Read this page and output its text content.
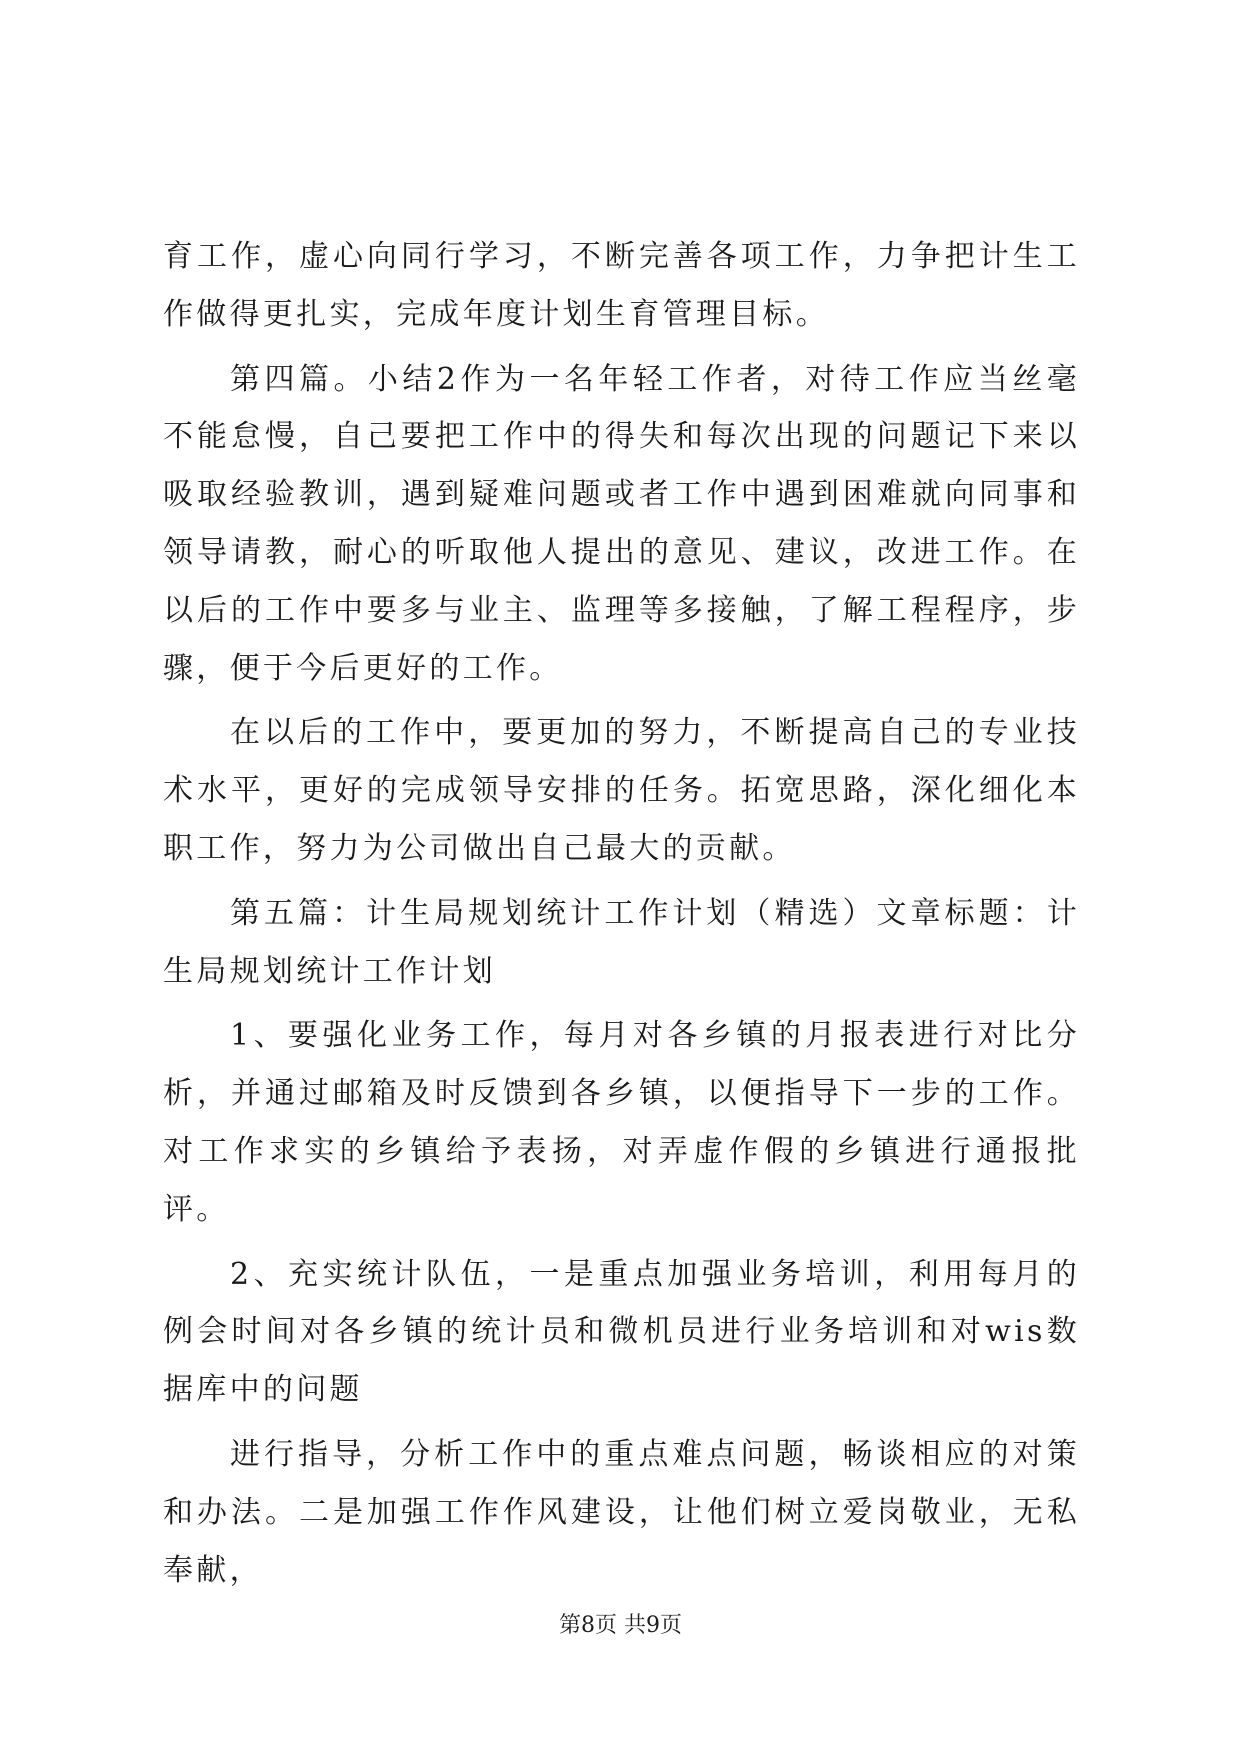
育工作，虚心向同行学习，不断完善各项工作，力争把计生工作做得更扎实，完成年度计划生育管理目标。

第四篇。小结2作为一名年轻工作者，对待工作应当丝毫不能怠慢，自己要把工作中的得失和每次出现的问题记下来以吸取经验教训，遇到疑难问题或者工作中遇到困难就向同事和领导请教，耐心的听取他人提出的意见、建议，改进工作。在以后的工作中要多与业主、监理等多接触，了解工程程序，步骤，便于今后更好的工作。

在以后的工作中，要更加的努力，不断提高自己的专业技术水平，更好的完成领导安排的任务。拓宽思路，深化细化本职工作，努力为公司做出自己最大的贡献。

第五篇：计生局规划统计工作计划（精选）文章标题：计生局规划统计工作计划

1、要强化业务工作，每月对各乡镇的月报表进行对比分析，并通过邮箱及时反馈到各乡镇，以便指导下一步的工作。对工作求实的乡镇给予表扬，对弄虚作假的乡镇进行通报批评。

2、充实统计队伍，一是重点加强业务培训，利用每月的例会时间对各乡镇的统计员和微机员进行业务培训和对wis数据库中的问题

进行指导，分析工作中的重点难点问题，畅谈相应的对策和办法。二是加强工作作风建设，让他们树立爱岗敬业，无私奉献，

第8页 共9页
